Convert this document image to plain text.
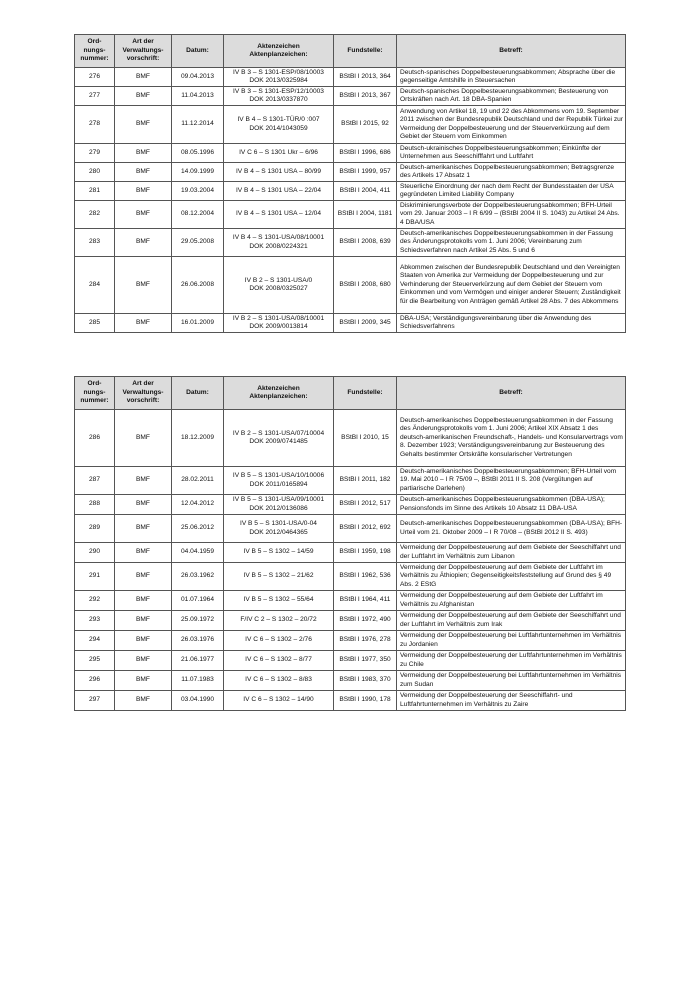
Ord-
nungs-
nummer:	Art der
Verwaltungs-
vorschrift:	Datum:	Aktenzeichen
Aktenplanzeichen:	Fundstelle:	Betreff:
276	BMF	09.04.2013	IV B 3 – S 1301-ESP/08/10003
DOK 2013/0325984	BStBl I 2013, 364	Deutsch-spanisches Doppelbesteuerungsabkommen; Absprache über die gegenseitige Amtshilfe in Steuersachen
277	BMF	11.04.2013	IV B 3 – S 1301-ESP/12/10003
DOK 2013/0337870	BStBl I 2013, 367	Deutsch-spanisches Doppelbesteuerungsabkommen; Besteuerung von Ortskräften nach Art. 18 DBA-Spanien
278	BMF	11.12.2014	IV B 4 – S 1301-TÜR/0 :007
DOK 2014/1043059	BStBl I 2015, 92	Anwendung von Artikel 18, 19 und 22 des Abkommens vom 19. September 2011 zwischen der Bundesrepublik Deutschland und der Republik Türkei zur Vermeidung der Doppelbesteuerung und der Steuerverkürzung auf dem Gebiet der Steuern vom Einkommen
279	BMF	08.05.1996	IV C 6 – S 1301 Ukr – 6/96	BStBl I 1996, 686	Deutsch-ukrainisches Doppelbesteuerungsabkommen; Einkünfte der Unternehmen aus Seeschifffahrt und Luftfahrt
280	BMF	14.09.1999	IV B 4 – S 1301 USA – 80/99	BStBl I 1999, 957	Deutsch-amerikanisches Doppelbesteuerungsabkommen; Betragsgrenze des Artikels 17 Absatz 1
281	BMF	19.03.2004	IV B 4 – S 1301 USA – 22/04	BStBl I 2004, 411	Steuerliche Einordnung der nach dem Recht der Bundesstaaten der USA gegründeten Limited Liability Company
282	BMF	08.12.2004	IV B 4 – S 1301 USA – 12/04	BStBl I 2004, 1181	Diskriminierungsverbote der Doppelbesteuerungsabkommen; BFH-Urteil vom 29. Januar 2003 – I R 6/99 – (BStBl 2004 II S. 1043) zu Artikel 24 Abs. 4 DBA/USA
283	BMF	29.05.2008	IV B 4 – S 1301-USA/08/10001
DOK 2008/0224321	BStBl I 2008, 639	Deutsch-amerikanisches Doppelbesteuerungsabkommen in der Fassung des Änderungsprotokolls vom 1. Juni 2006; Vereinbarung zum Schiedsverfahren nach Artikel 25 Abs. 5 und 6
284	BMF	26.06.2008	IV B 2 – S 1301-USA/0
DOK 2008/0325027	BStBl I 2008, 680	Abkommen zwischen der Bundesrepublik Deutschland und den Vereinigten Staaten von Amerika zur Vermeidung der Doppelbesteuerung und zur Verhinderung der Steuerverkürzung auf dem Gebiet der Steuern vom Einkommen und vom Vermögen und einiger anderer Steuern; Zuständigkeit für die Bearbeitung von Anträgen gemäß Artikel 28 Abs. 7 des Abkommens
285	BMF	16.01.2009	IV B 2 – S 1301-USA/08/10001
DOK 2009/0013814	BStBl I 2009, 345	DBA-USA; Verständigungsvereinbarung über die Anwendung des Schiedsverfahrens
Ord-
nungs-
nummer:	Art der
Verwaltungs-
vorschrift:	Datum:	Aktenzeichen
Aktenplanzeichen:	Fundstelle:	Betreff:
286	BMF	18.12.2009	IV B 2 – S 1301-USA/07/10004
DOK 2009/0741485	BStBl I 2010, 15	Deutsch-amerikanisches Doppelbesteuerungsabkommen in der Fassung des Änderungsprotokolls vom 1. Juni 2006; Artikel XIX Absatz 1 des deutsch-amerikanischen Freundschaft-, Handels- und Konsularvertrags vom 8. Dezember 1923; Verständigungsvereinbarung zur Besteuerung des Gehalts bestimmter Ortskräfte konsularischer Vertretungen
287	BMF	28.02.2011	IV B 5 – S 1301-USA/10/10006
DOK 2011/0165894	BStBl I 2011, 182	Deutsch-amerikanisches Doppelbesteuerungsabkommen; BFH-Urteil vom 19. Mai 2010 – I R 75/09 –, BStBl 2011 II S. 208 (Vergütungen auf partiarische Darlehen)
288	BMF	12.04.2012	IV B 5 – S 1301-USA/09/10001
DOK 2012/0136086	BStBl I 2012, 517	Deutsch-amerikanisches Doppelbesteuerungsabkommen (DBA-USA); Pensionsfonds im Sinne des Artikels 10 Absatz 11 DBA-USA
289	BMF	25.06.2012	IV B 5 – S 1301-USA/0-04
DOK 2012/0464365	BStBl I 2012, 692	Deutsch-amerikanisches Doppelbesteuerungsabkommen (DBA-USA); BFH-Urteil vom 21. Oktober 2009 – I R 70/08 – (BStBl 2012 II S. 493)
290	BMF	04.04.1959	IV B 5 – S 1302 – 14/59	BStBl I 1959, 198	Vermeidung der Doppelbesteuerung auf dem Gebiete der Seeschiffahrt und der Luftfahrt im Verhältnis zum Libanon
291	BMF	26.03.1962	IV B 5 – S 1302 – 21/62	BStBl I 1962, 536	Vermeidung der Doppelbesteuerung auf dem Gebiete der Luftfahrt im Verhältnis zu Äthiopien; Gegenseitigkeitsfeststellung auf Grund des § 49 Abs. 2 EStG
292	BMF	01.07.1964	IV B 5 – S 1302 – 55/64	BStBl I 1964, 411	Vermeidung der Doppelbesteuerung auf dem Gebiete der Luftfahrt im Verhältnis zu Afghanistan
293	BMF	25.09.1972	F/IV C 2 – S 1302 – 20/72	BStBl I 1972, 490	Vermeidung der Doppelbesteuerung auf dem Gebiete der Seeschiffahrt und der Luftfahrt im Verhältnis zum Irak
294	BMF	26.03.1976	IV C 6 – S 1302 – 2/76	BStBl I 1976, 278	Vermeidung der Doppelbesteuerung bei Luftfahrtunternehmen im Verhältnis zu Jordanien
295	BMF	21.06.1977	IV C 6 – S 1302 – 8/77	BStBl I 1977, 350	Vermeidung der Doppelbesteuerung der Luftfahrtunternehmen im Verhältnis zu Chile
296	BMF	11.07.1983	IV C 6 – S 1302 – 8/83	BStBl I 1983, 370	Vermeidung der Doppelbesteuerung bei Luftfahrtunternehmen im Verhältnis zum Sudan
297	BMF	03.04.1990	IV C 6 – S 1302 – 14/90	BStBl I 1990, 178	Vermeidung der Doppelbesteuerung der Seeschiffahrt- und Luftfahrtunternehmen im Verhältnis zu Zaire
